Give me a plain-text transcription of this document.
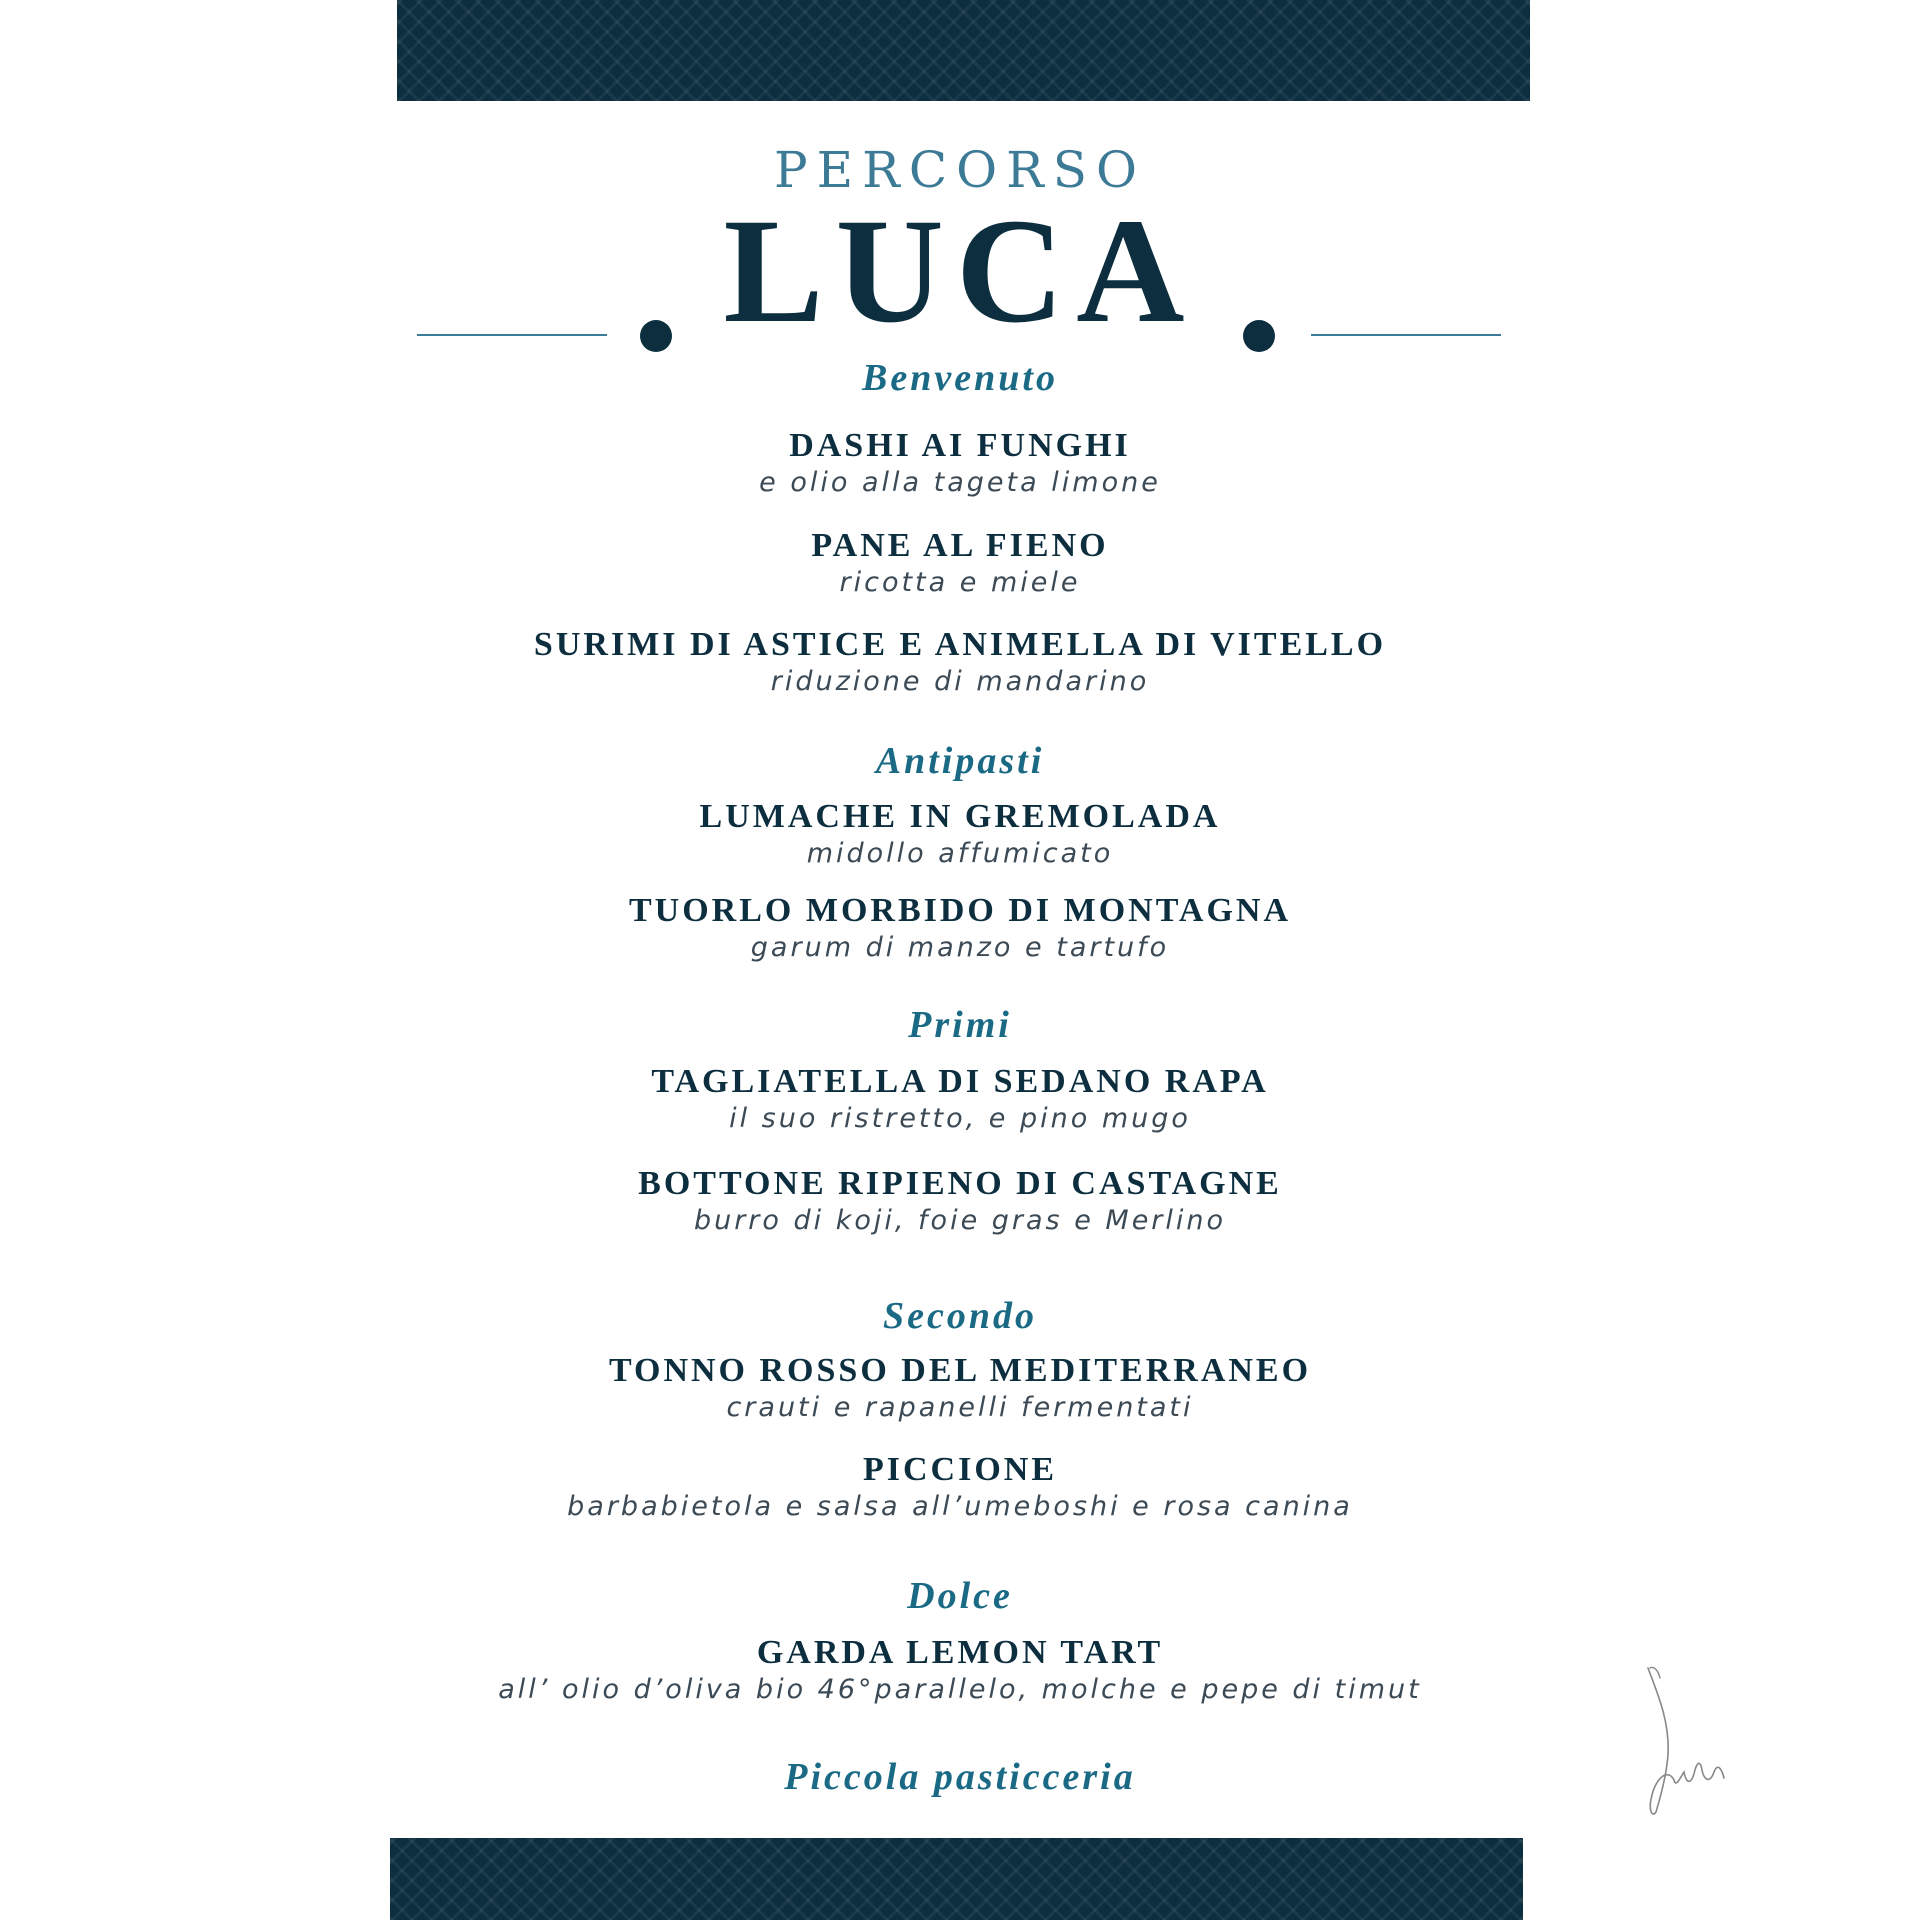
PERCORSO
LUCA
Benvenuto
DASHI AI FUNGHI
e olio alla tageta limone
PANE AL FIENO
ricotta e miele
SURIMI DI ASTICE E ANIMELLA DI VITELLO
riduzione di mandarino
Antipasti
LUMACHE IN GREMOLADA
midollo affumicato
TUORLO MORBIDO DI MONTAGNA
garum di manzo e tartufo
Primi
TAGLIATELLA DI SEDANO RAPA
il suo ristretto, e pino mugo
BOTTONE RIPIENO DI CASTAGNE
burro di koji, foie gras e Merlino
Secondo
TONNO ROSSO DEL MEDITERRANEO
crauti e rapanelli fermentati
PICCIONE
barbabietola e salsa all’umeboshi e rosa canina
Dolce
GARDA LEMON TART
all’ olio d’oliva bio 46°parallelo, molche e pepe di timut
Piccola pasticceria
